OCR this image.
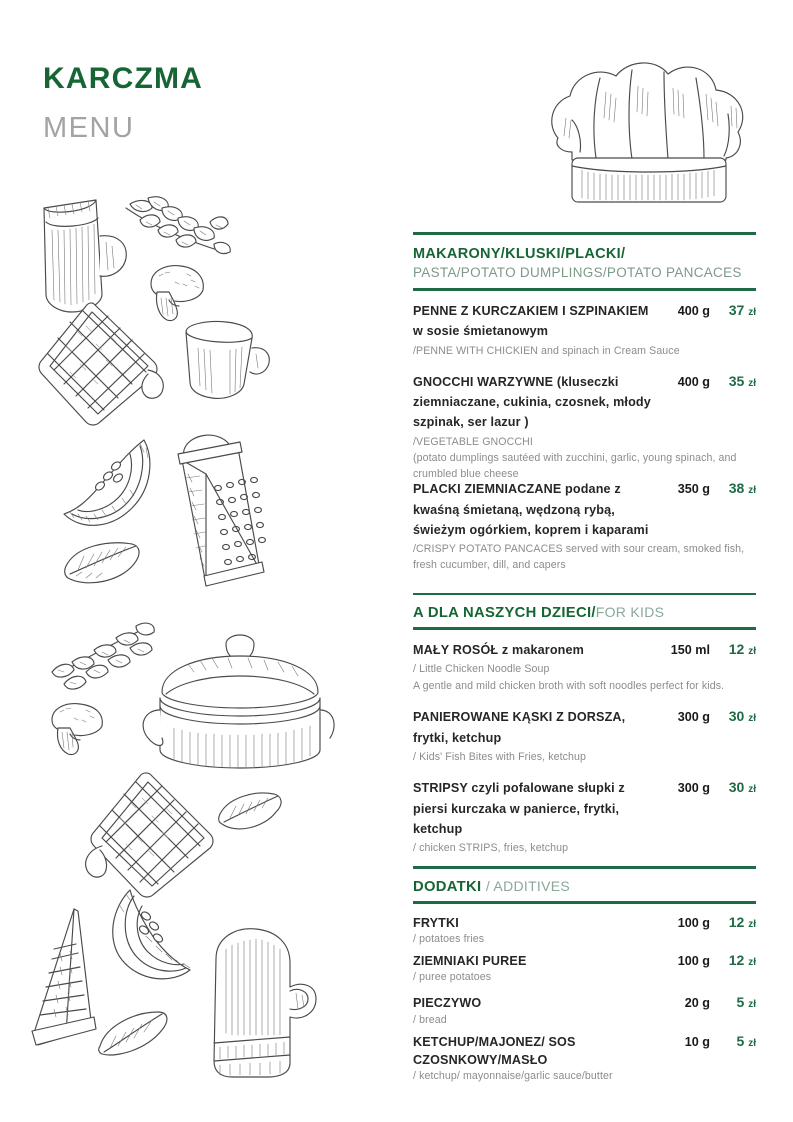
KARCZMA
MENU
MAKARONY/KLUSKI/PLACKI/
PASTA/POTATO DUMPLINGS/POTATO PANCACES
PENNE Z KURCZAKIEM I SZPINAKIEM w sosie śmietanowym
400 g	37 zł
/PENNE WITH CHICKIEN and spinach in Cream Sauce
GNOCCHI WARZYWNE (kluseczki ziemniaczane, cukinia, czosnek, młody szpinak, ser lazur )
400 g	35 zł
/VEGETABLE GNOCCHI
(potato dumplings sautéed with zucchini, garlic, young spinach, and crumbled blue cheese
PLACKI ZIEMNIACZANE podane z kwaśną śmietaną, wędzoną rybą, świeżym ogórkiem, koprem i kaparami
350 g	38 zł
/CRISPY POTATO PANCACES served with sour cream, smoked fish, fresh cucumber, dill, and capers
A DLA NASZYCH DZIECI/FOR KIDS
MAŁY ROSÓŁ z makaronem	150 ml	12 zł
/ Little Chicken Noodle Soup
A gentle and mild chicken broth with soft noodles perfect for kids.
PANIEROWANE KĄSKI Z DORSZA, frytki, ketchup
300 g	30 zł
/ Kids' Fish Bites with Fries, ketchup
STRIPSY czyli pofalowane słupki z piersi kurczaka w panierce, frytki, ketchup
300 g	30 zł
/ chicken STRIPS, fries, ketchup
DODATKI / ADDITIVES
FRYTKI	100 g	12 zł
/ potatoes fries
ZIEMNIAKI PUREE	100 g	12 zł
/ puree potatoes
PIECZYWO	20 g	5 zł
/ bread
KETCHUP/MAJONEZ/ SOS CZOSNKOWY/MASŁO
10 g	5 zł
/ ketchup/ mayonnaise/garlic sauce/butter
